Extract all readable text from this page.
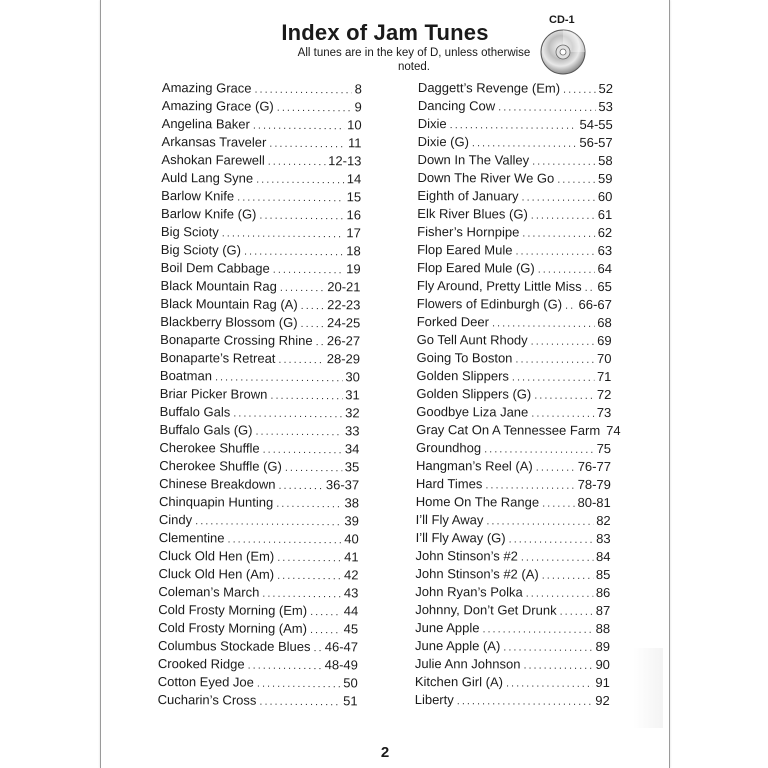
Index of Jam Tunes
All tunes are in the key of D, unless otherwise noted.
CD-1
Amazing Grace .....	8
Amazing Grace (G) .....	9
Angelina Baker .....	10
Arkansas Traveler .....	11
Ashokan Farewell .....	12-13
Auld Lang Syne .....	14
Barlow Knife .....	15
Barlow Knife (G) .....	16
Big Scioty .....	17
Big Scioty (G) .....	18
Boil Dem Cabbage .....	19
Black Mountain Rag .....	20-21
Black Mountain Rag (A) ..... 22-23
Blackberry Blossom (G) ..... 24-25
Bonaparte Crossing Rhine ..... 26-27
Bonaparte’s Retreat .....	28-29
Boatman .....	30
Briar Picker Brown .....	31
Buffalo Gals .....	32
Buffalo Gals (G) .....	33
Cherokee Shuffle .....	34
Cherokee Shuffle (G) .....	35
Chinese Breakdown .....	36-37
Chinquapin Hunting .....	38
Cindy .....	39
Clementine .....	40
Cluck Old Hen (Em) .....	41
Cluck Old Hen (Am) .....	42
Coleman’s March .....	43
Cold Frosty Morning (Em) .....	44
Cold Frosty Morning (Am) .....	45
Columbus Stockade Blues ..... 46-47
Crooked Ridge .....	48-49
Cotton Eyed Joe .....	50
Cucharin’s Cross .....	51
Daggett’s Revenge (Em) .....	52
Dancing Cow .....	53
Dixie .....	54-55
Dixie (G) .....	56-57
Down In The Valley .....	58
Down The River We Go .....	59
Eighth of January .....	60
Elk River Blues (G) .....	61
Fisher’s Hornpipe .....	62
Flop Eared Mule .....	63
Flop Eared Mule (G) .....	64
Fly Around, Pretty Little Miss ..... 65
Flowers of Edinburgh (G) ..... 66-67
Forked Deer .....	68
Go Tell Aunt Rhody .....	69
Going To Boston .....	70
Golden Slippers .....	71
Golden Slippers (G) .....	72
Goodbye Liza Jane .....	73
Gray Cat On A Tennessee Farm ..... 74
Groundhog .....	75
Hangman’s Reel (A) .....	76-77
Hard Times .....	78-79
Home On The Range .....	80-81
I’ll Fly Away .....	82
I’ll Fly Away (G) .....	83
John Stinson’s #2 .....	84
John Stinson’s #2 (A) .....	85
John Ryan’s Polka .....	86
Johnny, Don’t Get Drunk .....	87
June Apple .....	88
June Apple (A) .....	89
Julie Ann Johnson .....	90
Kitchen Girl (A) .....	91
Liberty .....	92
2
